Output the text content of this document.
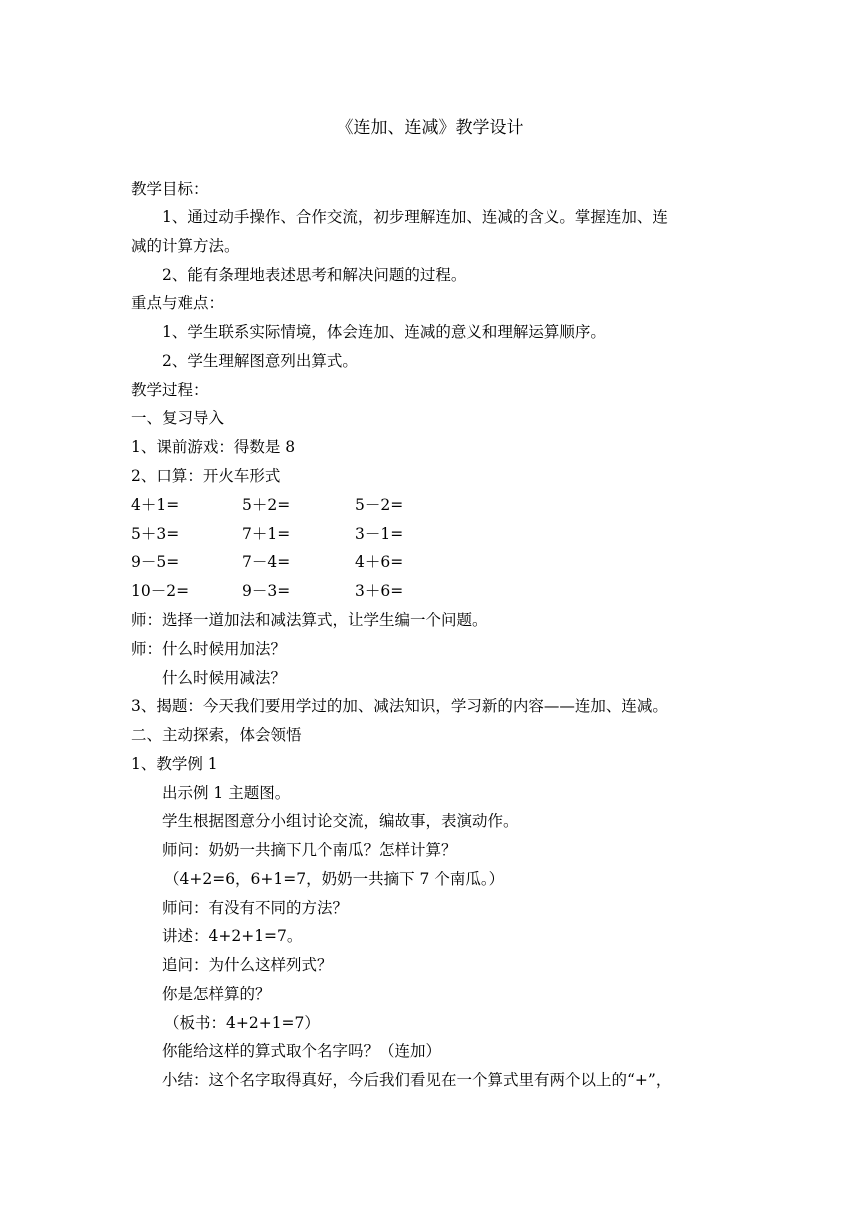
《连加、连减》教学设计
教学目标：
1、通过动手操作、合作交流，初步理解连加、连减的含义。掌握连加、连
减的计算方法。
2、能有条理地表述思考和解决问题的过程。
重点与难点：
1、学生联系实际情境，体会连加、连减的意义和理解运算顺序。
2、学生理解图意列出算式。
教学过程：
一、复习导入
1、课前游戏：得数是 8
2、口算：开火车形式
4＋1=	5＋2=	5－2=
5＋3=	7＋1=	3－1=
9－5=	7－4=	4＋6=
10－2=	9－3=	3＋6=
师：选择一道加法和减法算式，让学生编一个问题。
师：什么时候用加法？
什么时候用减法？
3、揭题：今天我们要用学过的加、减法知识，学习新的内容——连加、连减。
二、主动探索，体会领悟
1、教学例 1
出示例 1 主题图。
学生根据图意分小组讨论交流，编故事，表演动作。
师问：奶奶一共摘下几个南瓜？怎样计算？
（4+2=6，6+1=7，奶奶一共摘下 7 个南瓜。）
师问：有没有不同的方法？
讲述：4+2+1=7。
追问：为什么这样列式？
你是怎样算的？
（板书：4+2+1=7）
你能给这样的算式取个名字吗？（连加）
小结：这个名字取得真好，今后我们看见在一个算式里有两个以上的“+”，
